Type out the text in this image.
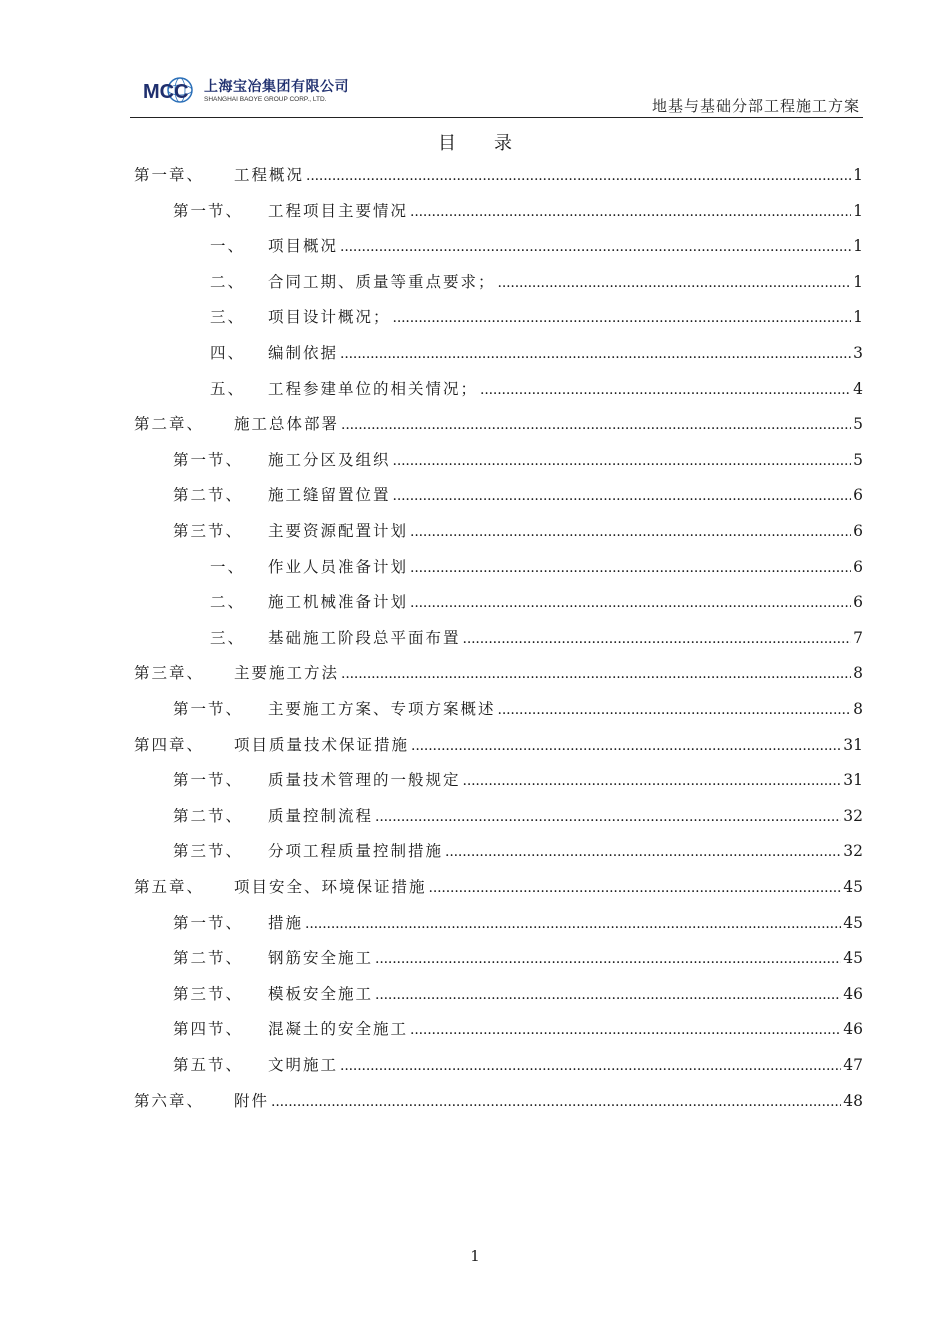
MCC 上海宝冶集团有限公司
SHANGHAI BAOYE GROUP CORP., LTD.	地基与基础分部工程施工方案
目 录
第一章、	工程概况 . . .	1
第一节、	工程项目主要情况 . . .	1
一、	项目概况 . . .	1
二、	合同工期、质量等重点要求； . . .	1
三、	项目设计概况； . . .	1
四、	编制依据 . . .	3
五、	工程参建单位的相关情况； . . .	4
第二章、	施工总体部署 . . .	5
第一节、	施工分区及组织 . . .	5
第二节、	施工缝留置位置 . . .	6
第三节、	主要资源配置计划 . . .	6
一、	作业人员准备计划 . . .	6
二、	施工机械准备计划 . . .	6
三、	基础施工阶段总平面布置 . . .	7
第三章、	主要施工方法 . . .	8
第一节、	主要施工方案、专项方案概述 . . .	8
第四章、	项目质量技术保证措施 . . .	31
第一节、	质量技术管理的一般规定 . . .	31
第二节、	质量控制流程 . . .	32
第三节、	分项工程质量控制措施 . . .	32
第五章、	项目安全、环境保证措施 . . .	45
第一节、	措施 . . .	45
第二节、	钢筋安全施工 . . .	45
第三节、	模板安全施工 . . .	46
第四节、	混凝土的安全施工 . . .	46
第五节、	文明施工 . . .	47
第六章、	附件 . . .	48
1
